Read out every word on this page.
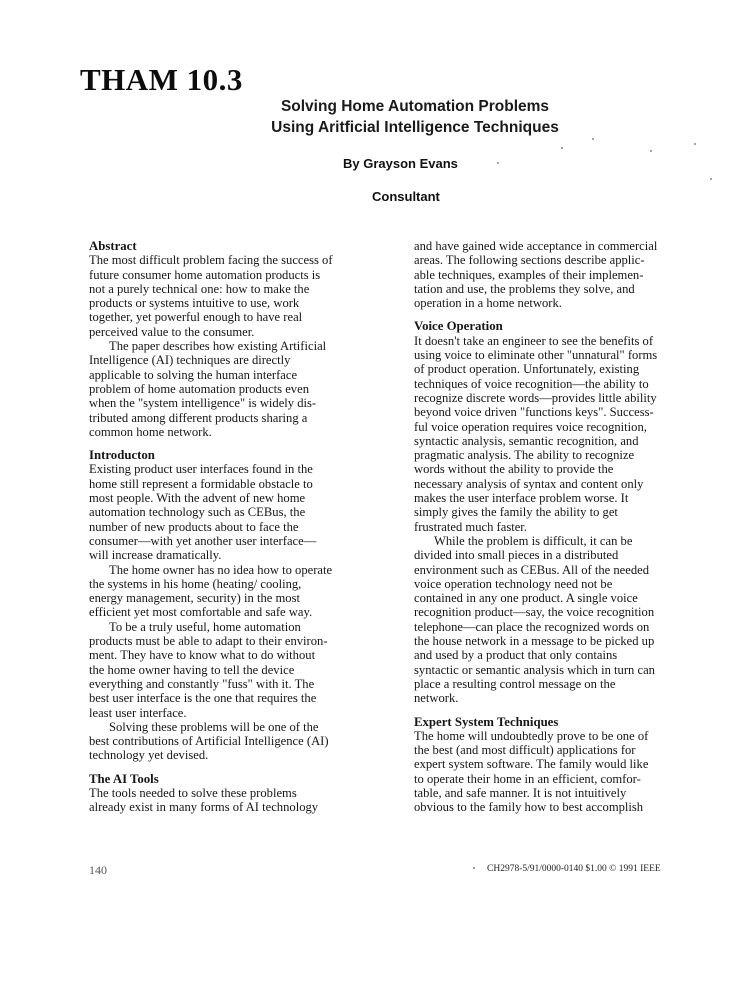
THAM 10.3
Solving Home Automation Problems
Using Aritficial Intelligence Techniques
By Grayson Evans
Consultant
Abstract
The most difficult problem facing the success of
future consumer home automation products is
not a purely technical one: how to make the
products or systems intuitive to use, work
together, yet powerful enough to have real
perceived value to the consumer.
The paper describes how existing Artificial
Intelligence (AI) techniques are directly
applicable to solving the human interface
problem of home automation products even
when the "system intelligence" is widely dis-
tributed among different products sharing a
common home network.
Introducton
Existing product user interfaces found in the
home still represent a formidable obstacle to
most people. With the advent of new home
automation technology such as CEBus, the
number of new products about to face the
consumer—with yet another user interface—
will increase dramatically.
The home owner has no idea how to operate
the systems in his home (heating/ cooling,
energy management, security) in the most
efficient yet most comfortable and safe way.
To be a truly useful, home automation
products must be able to adapt to their environ-
ment. They have to know what to do without
the home owner having to tell the device
everything and constantly "fuss" with it. The
best user interface is the one that requires the
least user interface.
Solving these problems will be one of the
best contributions of Artificial Intelligence (AI)
technology yet devised.
The AI Tools
The tools needed to solve these problems
already exist in many forms of AI technology
and have gained wide acceptance in commercial
areas. The following sections describe applic-
able techniques, examples of their implemen-
tation and use, the problems they solve, and
operation in a home network.
Voice Operation
It doesn't take an engineer to see the benefits of
using voice to eliminate other "unnatural" forms
of product operation. Unfortunately, existing
techniques of voice recognition—the ability to
recognize discrete words—provides little ability
beyond voice driven "functions keys". Success-
ful voice operation requires voice recognition,
syntactic analysis, semantic recognition, and
pragmatic analysis. The ability to recognize
words without the ability to provide the
necessary analysis of syntax and content only
makes the user interface problem worse. It
simply gives the family the ability to get
frustrated much faster.
While the problem is difficult, it can be
divided into small pieces in a distributed
environment such as CEBus. All of the needed
voice operation technology need not be
contained in any one product. A single voice
recognition product—say, the voice recognition
telephone—can place the recognized words on
the house network in a message to be picked up
and used by a product that only contains
syntactic or semantic analysis which in turn can
place a resulting control message on the
network.
Expert System Techniques
The home will undoubtedly prove to be one of
the best (and most difficult) applications for
expert system software. The family would like
to operate their home in an efficient, comfor-
table, and safe manner. It is not intuitively
obvious to the family how to best accomplish
140	CH2978-5/91/0000-0140 $1.00 © 1991 IEEE
